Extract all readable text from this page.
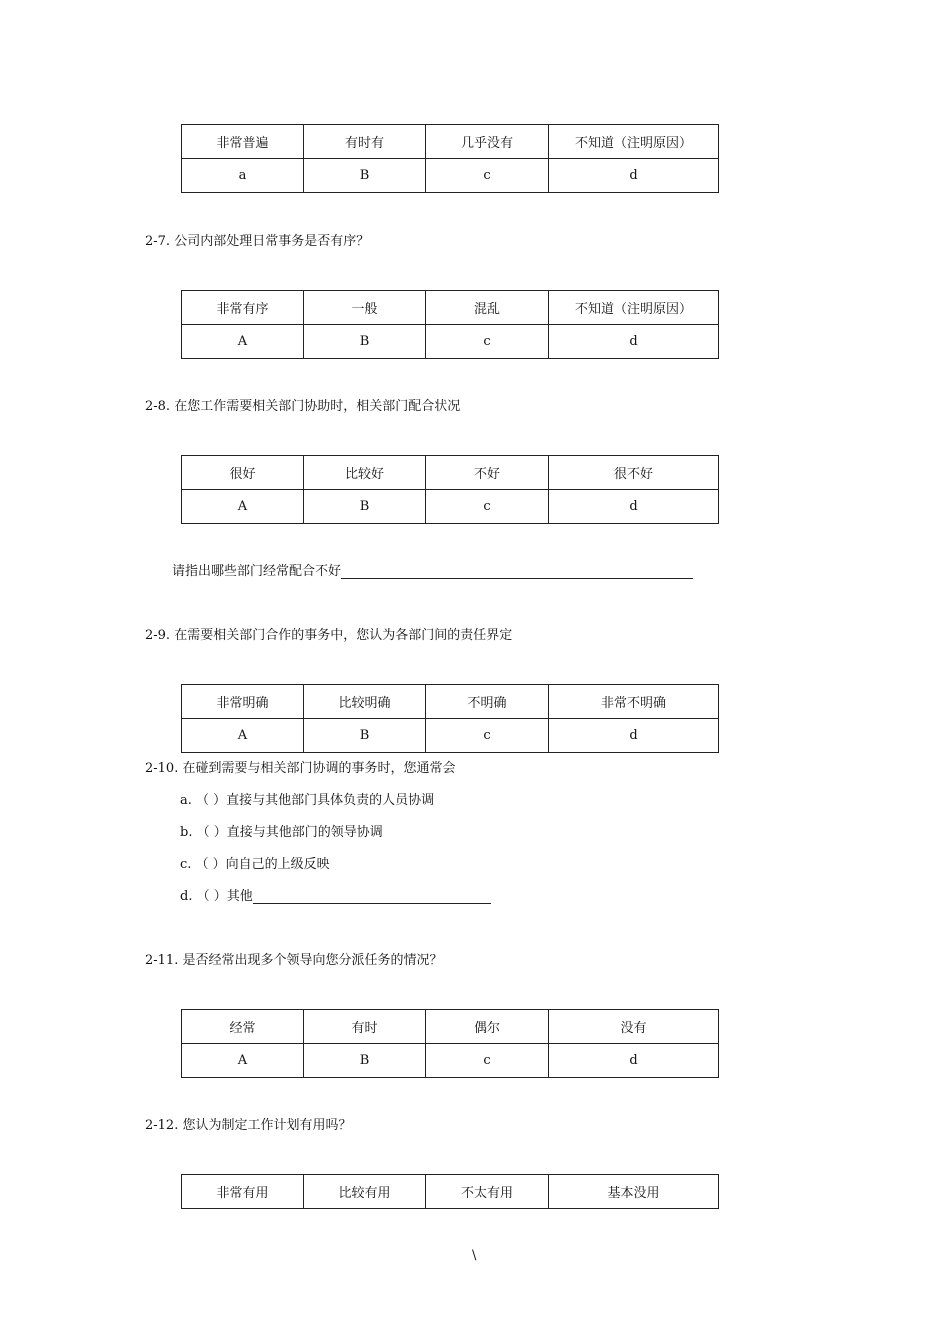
非常普遍	有时有	几乎没有	不知道（注明原因）
a	B	c	d
2-7. 公司内部处理日常事务是否有序？
非常有序	一般	混乱	不知道（注明原因）
A	B	c	d
2-8. 在您工作需要相关部门协助时，相关部门配合状况
很好	比较好	不好	很不好
A	B	c	d
请指出哪些部门经常配合不好
2-9. 在需要相关部门合作的事务中，您认为各部门间的责任界定
非常明确	比较明确	不明确	非常不明确
A	B	c	d
2-10. 在碰到需要与相关部门协调的事务时，您通常会
a. （ ）直接与其他部门具体负责的人员协调
b. （ ）直接与其他部门的领导协调
c. （ ）向自己的上级反映
d. （ ）其他
2-11. 是否经常出现多个领导向您分派任务的情况？
经常	有时	偶尔	没有
A	B	c	d
2-12. 您认为制定工作计划有用吗？
非常有用	比较有用	不太有用	基本没用
\
